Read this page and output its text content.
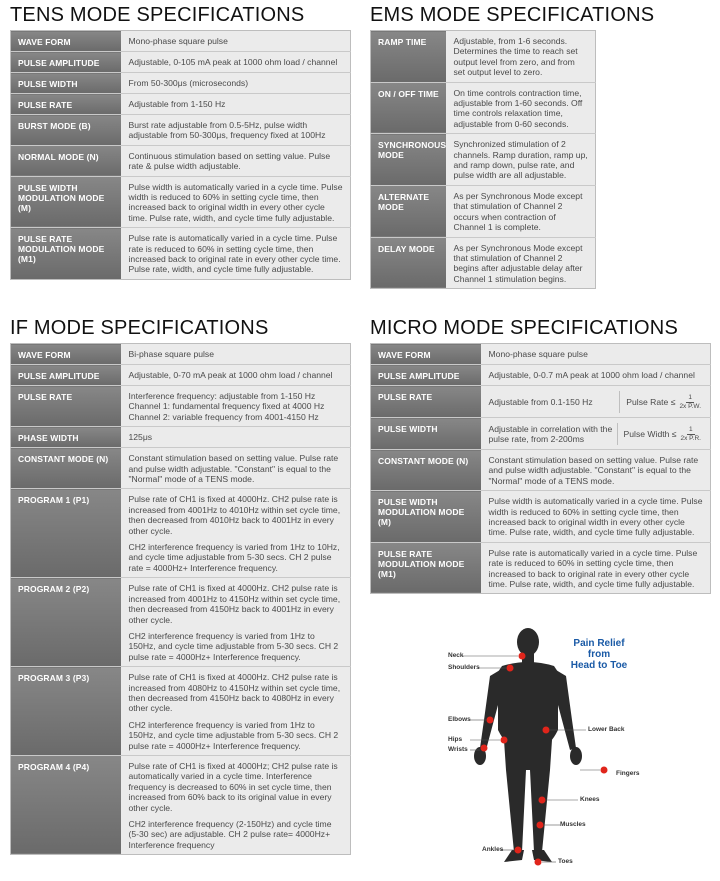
TENS MODE SPECIFICATIONS
WAVE FORM	Mono-phase square pulse

PULSE AMPLITUDE	Adjustable, 0-105 mA peak at 1000 ohm load / channel

PULSE WIDTH	From 50-300μs (microseconds)

PULSE RATE	Adjustable from 1-150 Hz

BURST MODE (B)	Burst rate adjustable from 0.5-5Hz, pulse width adjustable from 50-300μs, frequency fixed at 100Hz

NORMAL MODE (N)	Continuous stimulation based on setting value. Pulse rate & pulse width adjustable.

PULSE WIDTH MODULATION MODE (M)	Pulse width is automatically varied in a cycle time. Pulse width is reduced to 60% in setting cycle time, then increased back to original width in every other cycle time. Pulse rate, width, and cycle time fully adjustable.

PULSE RATE MODULATION MODE (M1)	Pulse rate is automatically varied in a cycle time. Pulse rate is reduced to 60% in setting cycle time, then increased back to original rate in every other cycle time. Pulse rate, width, and cycle time fully adjustable.

EMS MODE SPECIFICATIONS
RAMP TIME	Adjustable, from 1-6 seconds. Determines the time to reach set output level from zero, and from set output level to zero.

ON / OFF TIME	On time controls contraction time, adjustable from 1-60 seconds. Off time controls relaxation time, adjustable from 0-60 seconds.

SYNCHRONOUS MODE	Synchronized stimulation of 2 channels. Ramp duration, ramp up, and ramp down, pulse rate, and pulse width are all adjustable.

ALTERNATE MODE	As per Synchronous Mode except that stimulation of Channel 2 occurs when contraction of Channel 1 is complete.

DELAY MODE	As per Synchronous Mode except that stimulation of Channel 2 begins after adjustable delay after Channel 1 stimulation begins.

IF MODE SPECIFICATIONS
WAVE FORM	Bi-phase square pulse

PULSE AMPLITUDE	Adjustable, 0-70 mA peak at 1000 ohm load / channel

PULSE RATE	Interference frequency: adjustable from 1-150 Hz Channel 1: fundamental frequency fixed at 4000 Hz Channel 2: variable frequency from 4001-4150 Hz

PHASE WIDTH	125μs

CONSTANT MODE (N)	Constant stimulation based on setting value. Pulse rate and pulse width adjustable. "Constant" is equal to the "Normal" mode of a TENS mode.

PROGRAM 1 (P1)	Pulse rate of CH1 is fixed at 4000Hz. CH2 pulse rate is increased from 4001Hz to 4010Hz within set cycle time, then decreased from 4010Hz back to 4001Hz in every other cycle.

CH2 interference frequency is varied from 1Hz to 10Hz, and cycle time adjustable from 5-30 secs. CH 2 pulse rate = 4000Hz+ Interference frequency.

PROGRAM 2 (P2)	Pulse rate of CH1 is fixed at 4000Hz. CH2 pulse rate is increased from 4001Hz to 4150Hz within set cycle time, then decreased from 4150Hz back to 4001Hz in every other cycle.

CH2 interference frequency is varied from 1Hz to 150Hz, and cycle time adjustable from 5-30 secs. CH 2 pulse rate = 4000Hz+ Interference frequency.

PROGRAM 3 (P3)	Pulse rate of CH1 is fixed at 4000Hz. CH2 pulse rate is increased from 4080Hz to 4150Hz within set cycle time, then decreased from 4150Hz back to 4080Hz in every other cycle.

CH2 interference frequency is varied from 1Hz to 150Hz, and cycle time adjustable from 5-30 secs. CH 2 pulse rate = 4000Hz+ Interference frequency.

PROGRAM 4 (P4)	Pulse rate of CH1 is fixed at 4000Hz; CH2 pulse rate is automatically varied in a cycle time. Interference frequency is decreased to 60% in set cycle time, then increased from 60% back to its original value in every other cycle.

CH2 interference frequency (2-150Hz) and cycle time (5-30 sec) are adjustable. CH 2 pulse rate= 4000Hz+ Interference frequency

MICRO MODE SPECIFICATIONS
WAVE FORM	Mono-phase square pulse
PULSE AMPLITUDE	Adjustable, 0-0.7 mA peak at 1000 ohm load / channel
PULSE RATE	Adjustable from 0.1-150 Hz Pulse Rate ≤ $\frac{1}{\text{2x P.W.}}$

PULSE WIDTH	Adjustable in correlation with the pulse rate, from 2-200ms
Pulse Width ≤ $\frac{1}{\text{2x P.R.}}$

CONSTANT MODE (N)	Constant stimulation based on setting value. Pulse rate and pulse width adjustable. "Constant" is equal to the "Normal" mode of a TENS mode.
PULSE WIDTH MODULATION MODE (M)	Pulse width is automatically varied in a cycle time. Pulse width is reduced to 60% in setting cycle time, then increased back to original width in every other cycle time. Pulse rate, width, and cycle time fully adjustable.
PULSE RATE MODULATION MODE (M1)	Pulse rate is automatically varied in a cycle time. Pulse rate is reduced to 60% in setting cycle time, then increased to back to original rate in every other cycle time. Pulse rate, width, and cycle time fully adjustable.
Pain Relief
from
Head to Toe
Neck
Shoulders
Elbows
Lower Back
Hips
Wrists
Fingers
Knees
Muscles
Ankles
Toes
